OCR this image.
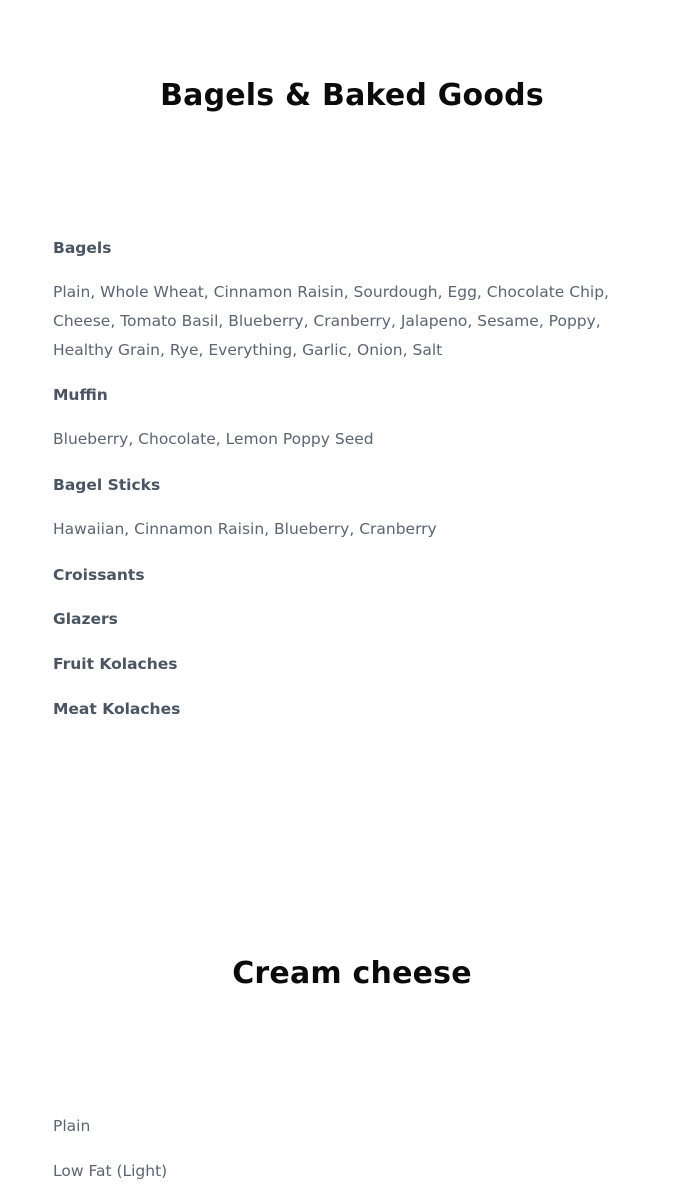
Bagels & Baked Goods
Bagels

Plain, Whole Wheat, Cinnamon Raisin, Sourdough, Egg, Chocolate Chip, Cheese, Tomato Basil, Blueberry, Cranberry, Jalapeno, Sesame, Poppy, Healthy Grain, Rye, Everything, Garlic, Onion, Salt

Muffin

Blueberry, Chocolate, Lemon Poppy Seed

Bagel Sticks

Hawaiian, Cinnamon Raisin, Blueberry, Cranberry

Croissants
Glazers
Fruit Kolaches
Meat Kolaches
Cream cheese

Plain

Low Fat (Light)
